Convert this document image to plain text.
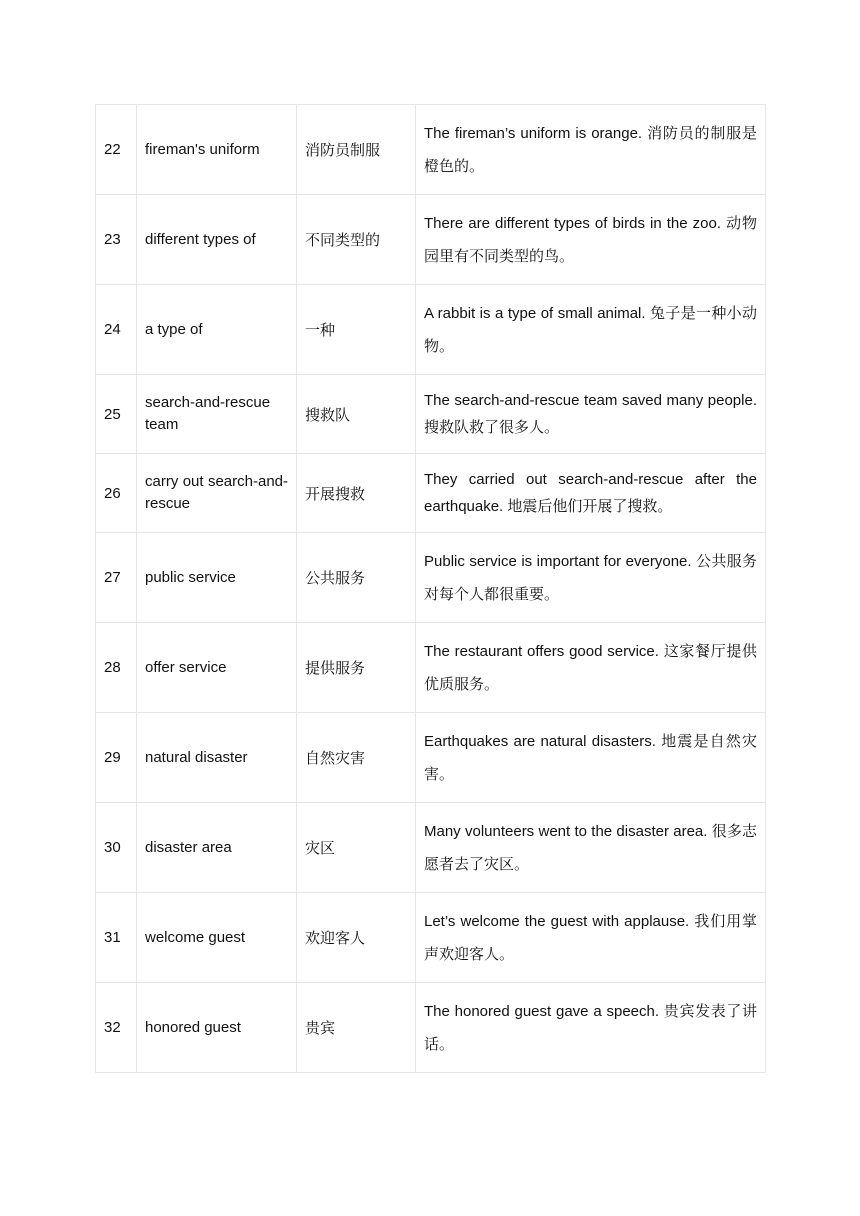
22	fireman's uniform	消防员制服	The fireman’s uniform is orange. 消防员的制服是橙色的。
23	different types of	不同类型的	There are different types of birds in the zoo. 动物园里有不同类型的鸟。
24	a type of	一种	A rabbit is a type of small animal. 兔子是一种小动物。
25	search-and-rescue team	搜救队	The search-and-rescue team saved many people. 搜救队救了很多人。
26	carry out search-and-rescue	开展搜救	They carried out search-and-rescue after the earthquake. 地震后他们开展了搜救。
27	public service	公共服务	Public service is important for everyone. 公共服务对每个人都很重要。
28	offer service	提供服务	The restaurant offers good service. 这家餐厅提供优质服务。
29	natural disaster	自然灾害	Earthquakes are natural disasters. 地震是自然灾害。
30	disaster area	灾区	Many volunteers went to the disaster area. 很多志愿者去了灾区。
31	welcome guest	欢迎客人	Let’s welcome the guest with applause. 我们用掌声欢迎客人。
32	honored guest	贵宾	The honored guest gave a speech. 贵宾发表了讲话。
